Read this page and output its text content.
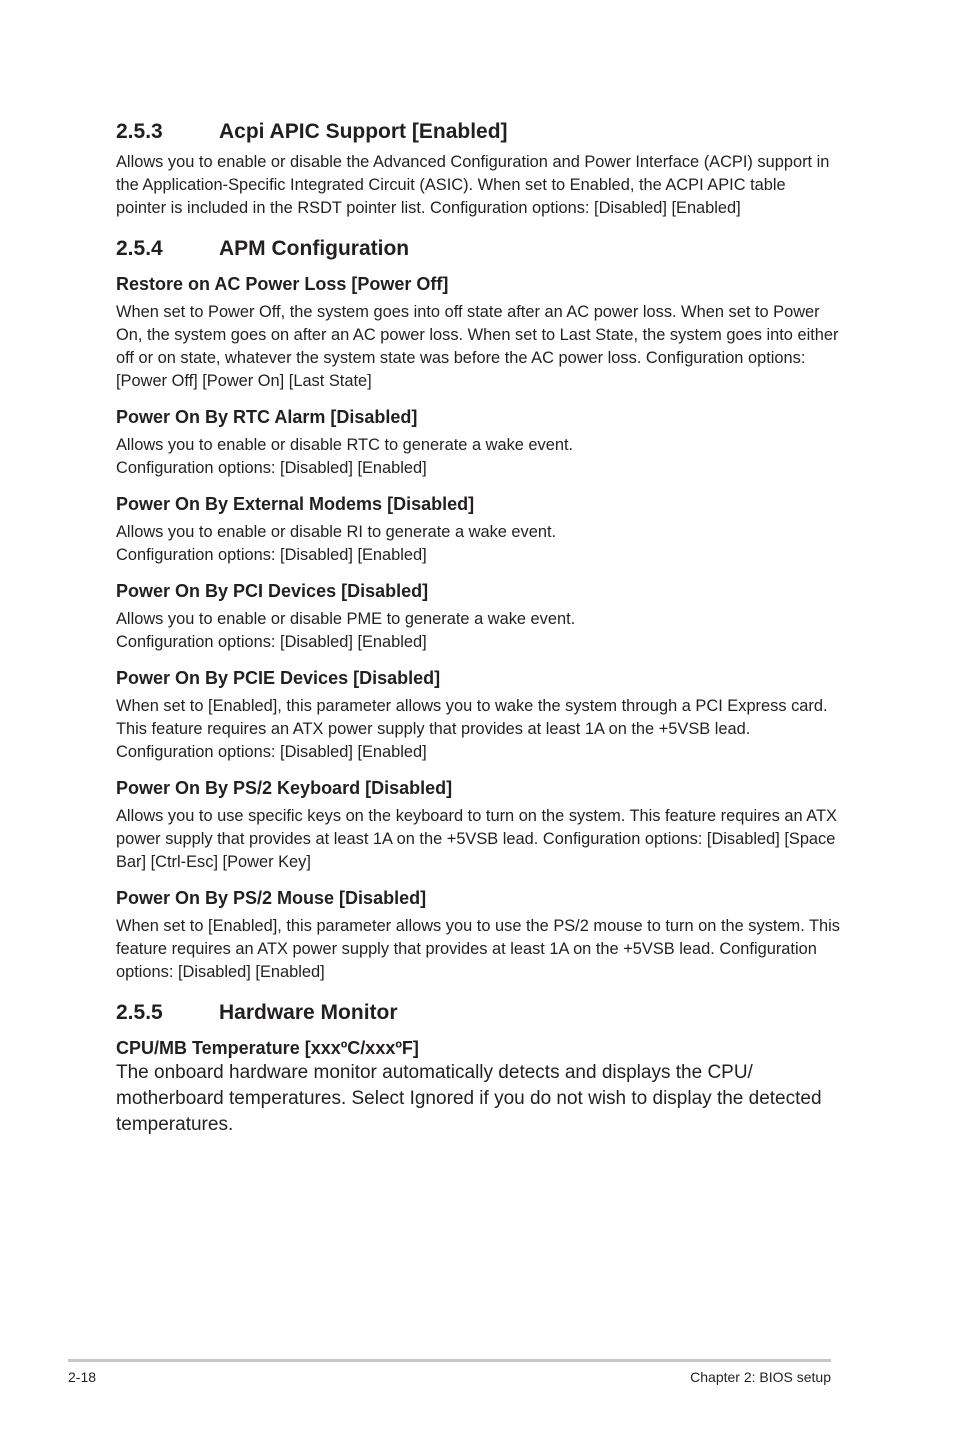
2.5.3	Acpi APIC Support [Enabled]

Allows you to enable or disable the Advanced Configuration and Power Interface (ACPI) support in the Application-Specific Integrated Circuit (ASIC). When set to Enabled, the ACPI APIC table pointer is included in the RSDT pointer list. Configuration options: [Disabled] [Enabled]

2.5.4	APM Configuration
Restore on AC Power Loss [Power Off]

When set to Power Off, the system goes into off state after an AC power loss. When set to Power On, the system goes on after an AC power loss. When set to Last State, the system goes into either off or on state, whatever the system state was before the AC power loss. Configuration options: [Power Off] [Power On] [Last State]

Power On By RTC Alarm [Disabled]

Allows you to enable or disable RTC to generate a wake event.
Configuration options: [Disabled] [Enabled]

Power On By External Modems [Disabled]

Allows you to enable or disable RI to generate a wake event.
Configuration options: [Disabled] [Enabled]

Power On By PCI Devices [Disabled]

Allows you to enable or disable PME to generate a wake event.
Configuration options: [Disabled] [Enabled]

Power On By PCIE Devices [Disabled]

When set to [Enabled], this parameter allows you to wake the system through a PCI Express card. This feature requires an ATX power supply that provides at least 1A on the +5VSB lead. Configuration options: [Disabled] [Enabled]

Power On By PS/2 Keyboard [Disabled]

Allows you to use specific keys on the keyboard to turn on the system. This feature requires an ATX power supply that provides at least 1A on the +5VSB lead. Configuration options: [Disabled] [Space Bar] [Ctrl-Esc] [Power Key]

Power On By PS/2 Mouse [Disabled]

When set to [Enabled], this parameter allows you to use the PS/2 mouse to turn on the system. This feature requires an ATX power supply that provides at least 1A on the +5VSB lead. Configuration options: [Disabled] [Enabled]

2.5.5	Hardware Monitor
CPU/MB Temperature [xxxºC/xxxºF]

The onboard hardware monitor automatically detects and displays the CPU/ motherboard temperatures. Select Ignored if you do not wish to display the detected temperatures.

2-18	Chapter 2: BIOS setup
